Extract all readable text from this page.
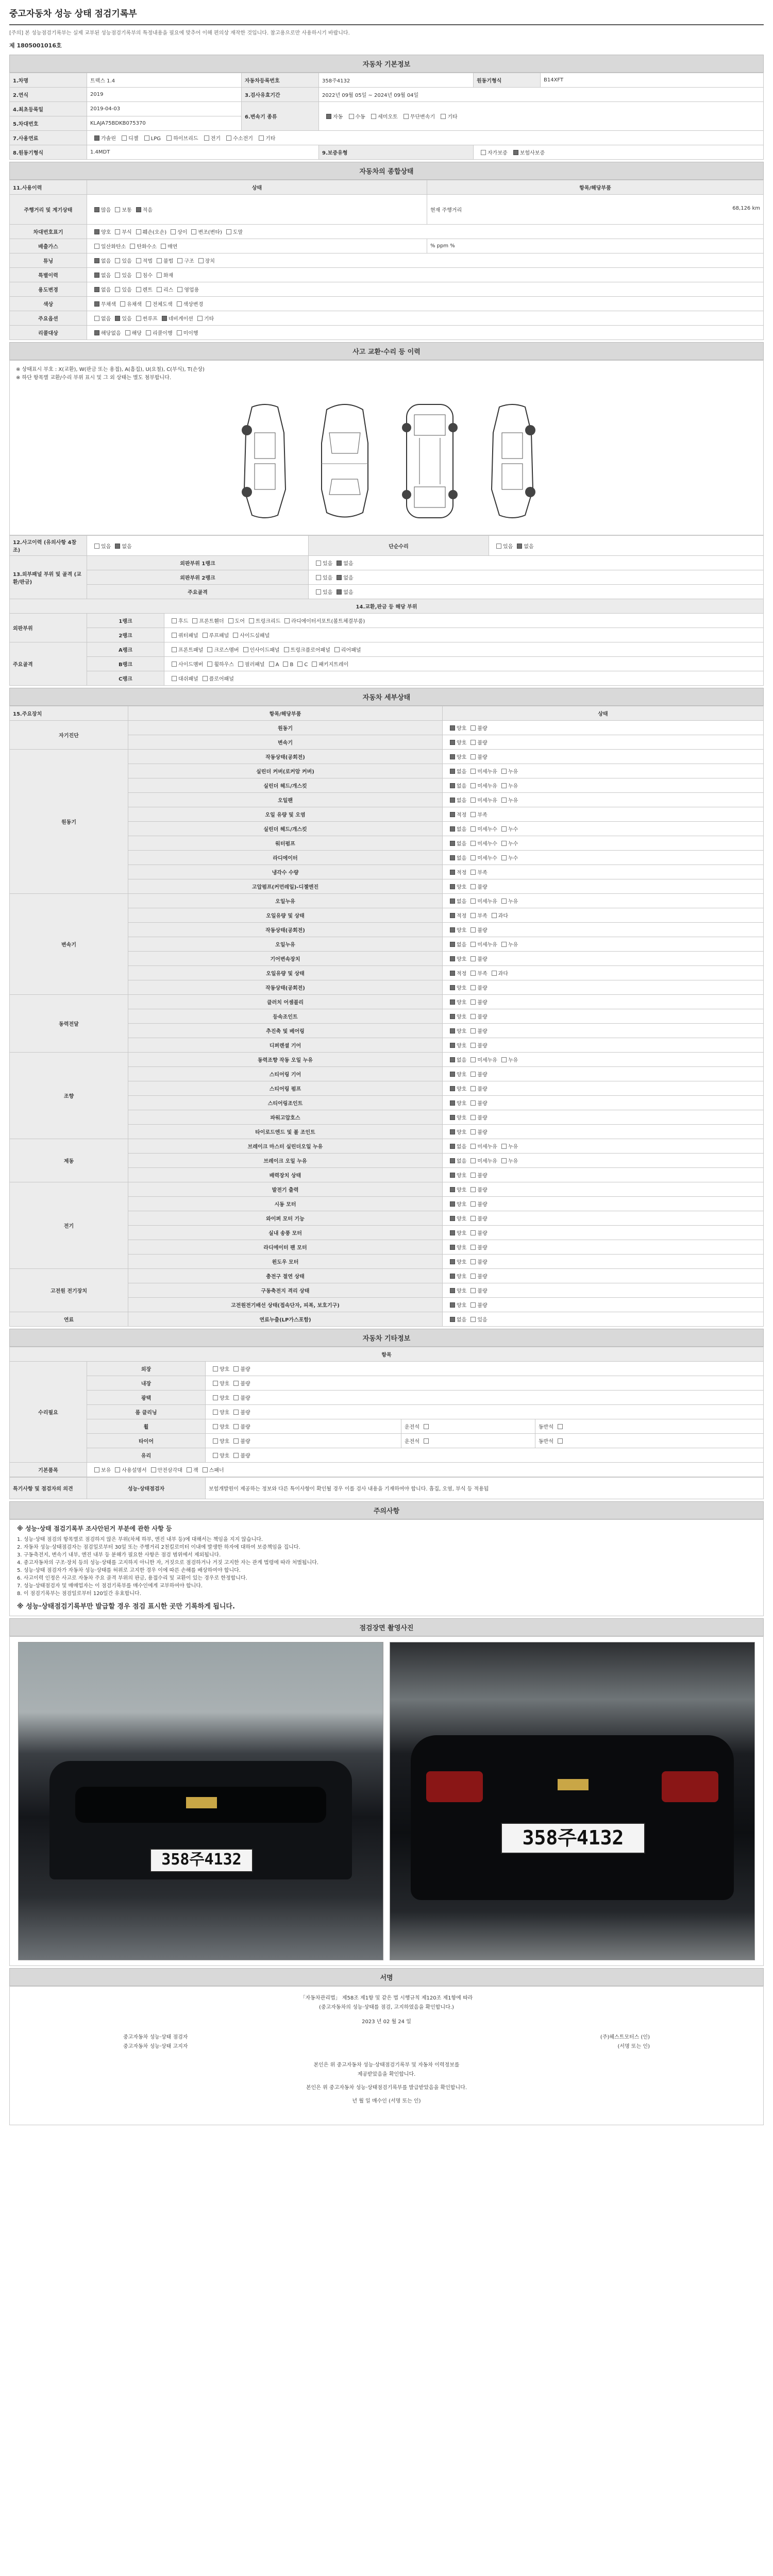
중고자동차 성능 상태 점검기록부
[주의] 본 성능점검기록부는 실제 교부된 성능점검기록부의 특정내용을 필요에 맞추어 이해 편의상 재작한 것입니다. 참고용으로만 사용하시기 바랍니다.
제 1805001016호
자동차 기본정보
1.차명	트랙스 1.4	자동차등록번호	358주4132	원동기형식	B14XFT
2.연식	2019	3.검사유효기간	2022년 09월 05일 ~ 2024년 09월 04일		
4.최초등록일	2019-04-03	6.변속기 종류	자동 수동 세미오토 무단변속기 기타		
5.차대번호	KLAJA75BDKB075370				
7.사용연료	가솔린 디젤 LPG 하이브리드 전기 수소전기 기타				
8.원동기형식	1.4MDT		9.보증유형	자가보증 보험사보증	
자동차의 종합상태
11.사용이력	상태	항목/해당부품
주행거리 및 계기상태	많음 보통 적음	현재 주행거리 68,126 km

차대번호표기	양호 부식 훼손(오손) 상이 변조(변타) 도말	
배출가스	일산화탄소 탄화수소 매연	% ppm %
튜닝	없음 있음 적법 불법 구조 장치	
특별이력	없음 있음 침수 화재	
용도변경	없음 있음 렌트 리스 영업용	
색상	무채색 유채색 전체도색 색상변경	
주요옵션	없음 있음 썬루프 네비게이션 기타	
리콜대상	해당없음 해당 리콜이행 미이행	
사고 교환·수리 등 이력
※ 상태표시 부호 : X(교환), W(판금 또는 용접), A(흠집), U(요철), C(부식), T(손상)
※ 하단 항목별 교환/수리 부위 표시 및 그 외 상태는 별도 첨부합니다.
12.사고이력 (유의사항 4참조)	있음 없음		단순수리	있음 없음
13.외부패널 부위 및 골격 (교환/판금)	외판부위 1랭크		있음 없음	
	외판부위 2랭크		있음 없음	
	주요골격		있음 없음	
14.교환,판금 등 해당 부위				
외판부위	1랭크	후드 프론트휀더 도어 트렁크리드 라디에이터서포트(볼트체결부품)		
	2랭크	쿼터패널 루프패널 사이드실패널		
주요골격	A랭크	프론트패널 크로스멤버 인사이드패널 트렁크플로어패널 리어패널		
	B랭크	사이드멤버 휠하우스 필러패널 A B C 패키지트레이		
	C랭크	대쉬패널 플로어패널		
자동차 세부상태
15.주요장치	항목/해당부품	상태
자기진단	원동기	양호 불량
	변속기	양호 불량
원동기	작동상태(공회전)	양호 불량
	실린더 커버(로커암 커버)	없음 미세누유 누유
	실린더 헤드/개스킷	없음 미세누유 누유
	오일팬	없음 미세누유 누유
	오일 유량 및 오염	적정 부족
	실린더 헤드/개스킷	없음 미세누수 누수
	워터펌프	없음 미세누수 누수
	라디에이터	없음 미세누수 누수
	냉각수 수량	적정 부족
	고압펌프(커먼레일)-디젤엔진	양호 불량
변속기	오일누유	없음 미세누유 누유
	오일유량 및 상태	적정 부족 과다
	작동상태(공회전)	양호 불량
	오일누유	없음 미세누유 누유
	기어변속장치	양호 불량
	오일유량 및 상태	적정 부족 과다
	작동상태(공회전)	양호 불량
동력전달	클러치 어셈블리	양호 불량
	등속조인트	양호 불량
	추진축 및 베어링	양호 불량
	디퍼렌셜 기어	양호 불량
조향	동력조향 작동 오일 누유	없음 미세누유 누유
	스티어링 기어	양호 불량
	스티어링 펌프	양호 불량
	스티어링조인트	양호 불량
	파워고압호스	양호 불량
	타이로드엔드 및 볼 조인트	양호 불량
제동	브레이크 마스터 실린더오일 누유	없음 미세누유 누유
	브레이크 오일 누유	없음 미세누유 누유
	배력장치 상태	양호 불량
전기	발전기 출력	양호 불량
	시동 모터	양호 불량
	와이퍼 모터 기능	양호 불량
	실내 송풍 모터	양호 불량
	라디에이터 팬 모터	양호 불량
	윈도우 모터	양호 불량
고전원 전기장치	충전구 절연 상태	양호 불량
	구동축전지 격리 상태	양호 불량
	고전원전기배선 상태(접속단자, 피복, 보호기구)	양호 불량
연료	연료누출(LP가스포함)	없음 있음
자동차 기타정보
항목				
수리필요	외장	양호 불량		
	내장	양호 불량		
	광택	양호 불량		
	룸 클리닝	양호 불량		
	휠	양호 불량	운전석	동반석
	타이어	양호 불량	운전석	동반석
	유리	양호 불량		
기본품목	보유 사용설명서 안전삼각대 잭 스패너			
특기사항 및 점검자의 의견	성능·상태점검자	보험개발원이 제공하는 정보와 다른 특이사항이 확인될 경우 이를 검사 내용을 기재하여야 합니다. 흡집, 오염, 부식 등 적용됨
주의사항
※ 성능·상태 점검기록부 조사안된거 부분에 관한 사항 등
1. 성능·상태 점검의 항목별로 점검하지 않은 부위(차체 하부, 엔진 내부 등)에 대해서는 책임을 지지 않습니다.
2. 자동차 성능·상태점검자는 점검일로부터 30일 또는 주행거리 2천킬로미터 이내에 발생한 하자에 대하여 보증책임을 집니다.
3. 구동축전지, 변속기 내부, 엔진 내부 등 분해가 필요한 사항은 점검 범위에서 제외됩니다.
4. 중고자동차의 구조·장치 등의 성능·상태를 고지하지 아니한 자, 거짓으로 점검하거나 거짓 고지한 자는 관계 법령에 따라 처벌됩니다.
5. 성능·상태 점검자가 자동차 성능·상태를 허위로 고지한 경우 이에 따른 손해를 배상하여야 합니다.
6. 사고이력 인정은 사고로 자동차 주요 골격 부위의 판금, 용접수리 및 교환이 있는 경우로 한정합니다.
7. 성능·상태점검자 및 매매업자는 이 점검기록부를 매수인에게 교부하여야 합니다.
8. 이 점검기록부는 점검일로부터 120일간 유효합니다.
※ 성능·상태점검기록부만 발급할 경우 점검 표시한 곳만 기록하게 됩니다.
점검장면 촬영사진
358주4132
358주4132
서명
「자동차관리법」 제58조 제1항 및 같은 법 시행규칙 제120조 제1항에 따라
(중고자동차의 성능·상태를 점검, 고지하였음을 확인합니다.)
2023 년 02 월 24 일
중고자동차 성능·상태 점검자
중고자동차 성능·상태 고지자
(주)헤스트모터스 (인)
(서명 또는 인)
본인은 위 중고자동차 성능·상태점검기록부 및 자동차 이력정보를
제공받았음을 확인합니다.
본인은 위 중고자동차 성능·상태점검기록부를 발급받았음을 확인합니다.
년 월 일 매수인 (서명 또는 인)
